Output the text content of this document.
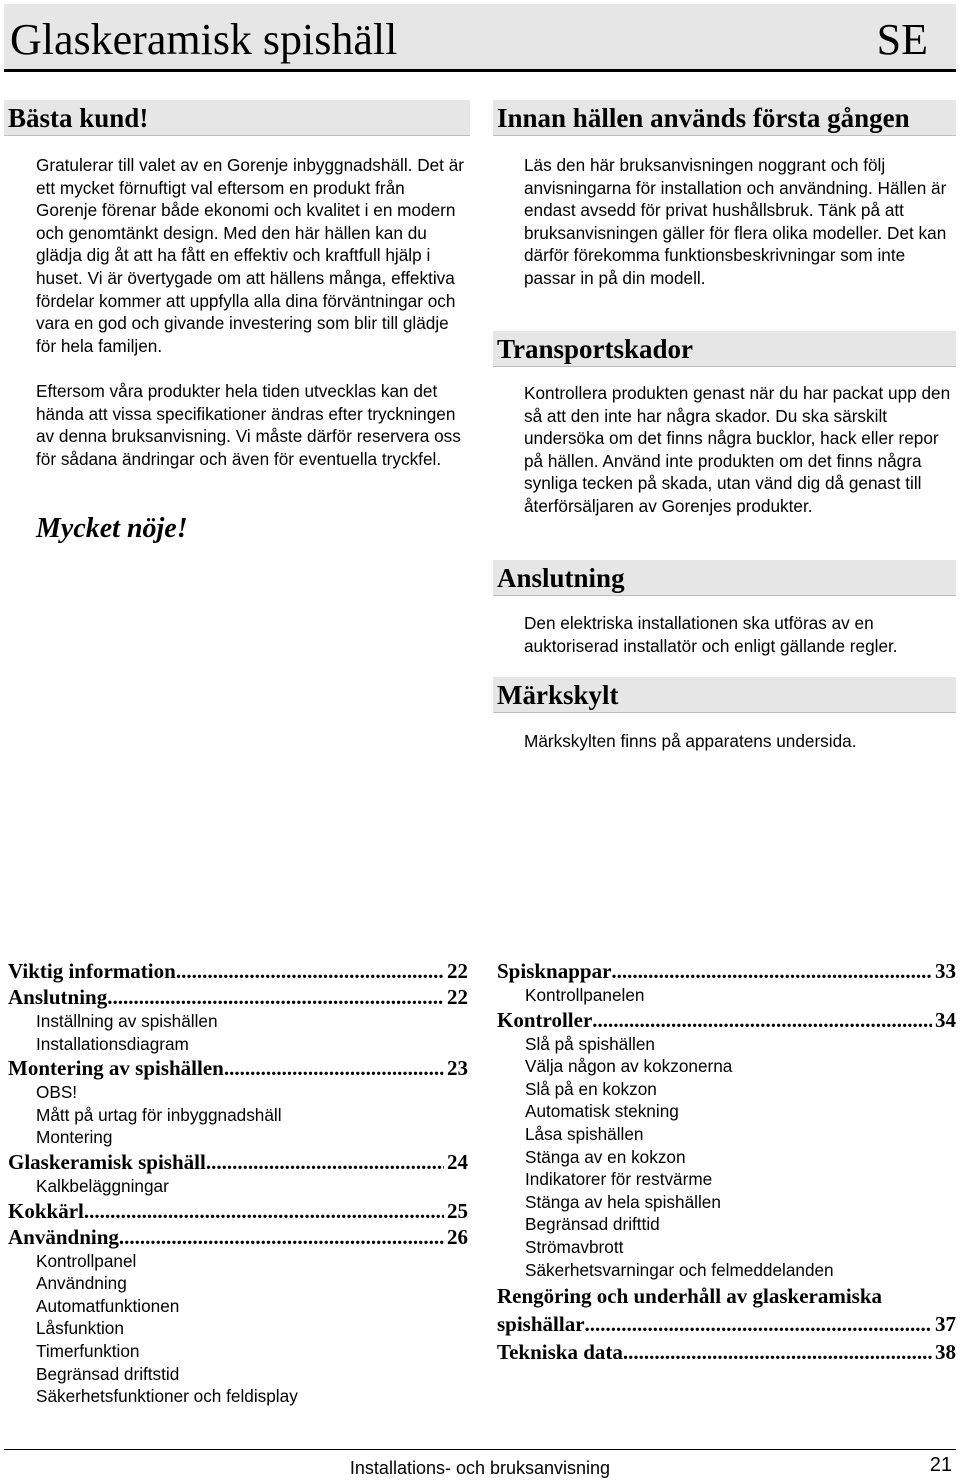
Glaskeramisk spishäll	SE
Bästa kund!

Gratulerar till valet av en Gorenje inbyggnadshäll. Det är ett mycket förnuftigt val eftersom en produkt från Gorenje förenar både ekonomi och kvalitet i en modern och genomtänkt design. Med den här hällen kan du glädja dig åt att ha fått en effektiv och kraftfull hjälp i huset. Vi är övertygade om att hällens många, effektiva fördelar kommer att uppfylla alla dina förväntningar och vara en god och givande investering som blir till glädje för hela familjen.

Eftersom våra produkter hela tiden utvecklas kan det hända att vissa specifikationer ändras efter tryckningen av denna bruksanvisning. Vi måste därför reservera oss för sådana ändringar och även för eventuella tryckfel.

Mycket nöje!
Innan hällen används första gången

Läs den här bruksanvisningen noggrant och följ anvisningarna för installation och användning. Hällen är endast avsedd för privat hushållsbruk. Tänk på att bruksanvisningen gäller för flera olika modeller. Det kan därför förekomma funktionsbeskrivningar som inte passar in på din modell.

Transportskador

Kontrollera produkten genast när du har packat upp den så att den inte har några skador. Du ska särskilt undersöka om det finns några bucklor, hack eller repor på hällen. Använd inte produkten om det finns några synliga tecken på skada, utan vänd dig då genast till återförsäljaren av Gorenjes produkter.

Anslutning

Den elektriska installationen ska utföras av en auktoriserad installatör och enligt gällande regler.

Märkskylt

Märkskylten finns på apparatens undersida.

Viktig information .....	22
Anslutning .....	22
Inställning av spishällen
Installationsdiagram
Montering av spishällen .....	23
OBS!
Mått på urtag för inbyggnadshäll
Montering
Glaskeramisk spishäll .....	24
Kalkbeläggningar
Kokkärl .....	25
Användning .....	26
Kontrollpanel
Användning
Automatfunktionen
Låsfunktion
Timerfunktion
Begränsad driftstid
Säkerhetsfunktioner och feldisplay
Spisknappar .....	33
Kontrollpanelen
Kontroller .....	34
Slå på spishällen
Välja någon av kokzonerna
Slå på en kokzon
Automatisk stekning
Låsa spishällen
Stänga av en kokzon
Indikatorer för restvärme
Stänga av hela spishällen
Begränsad drifttid
Strömavbrott
Säkerhetsvarningar och felmeddelanden
Rengöring och underhåll av glaskeramiska
spishällar .....	37
Tekniska data .....	38
Installations- och bruksanvisning	21
